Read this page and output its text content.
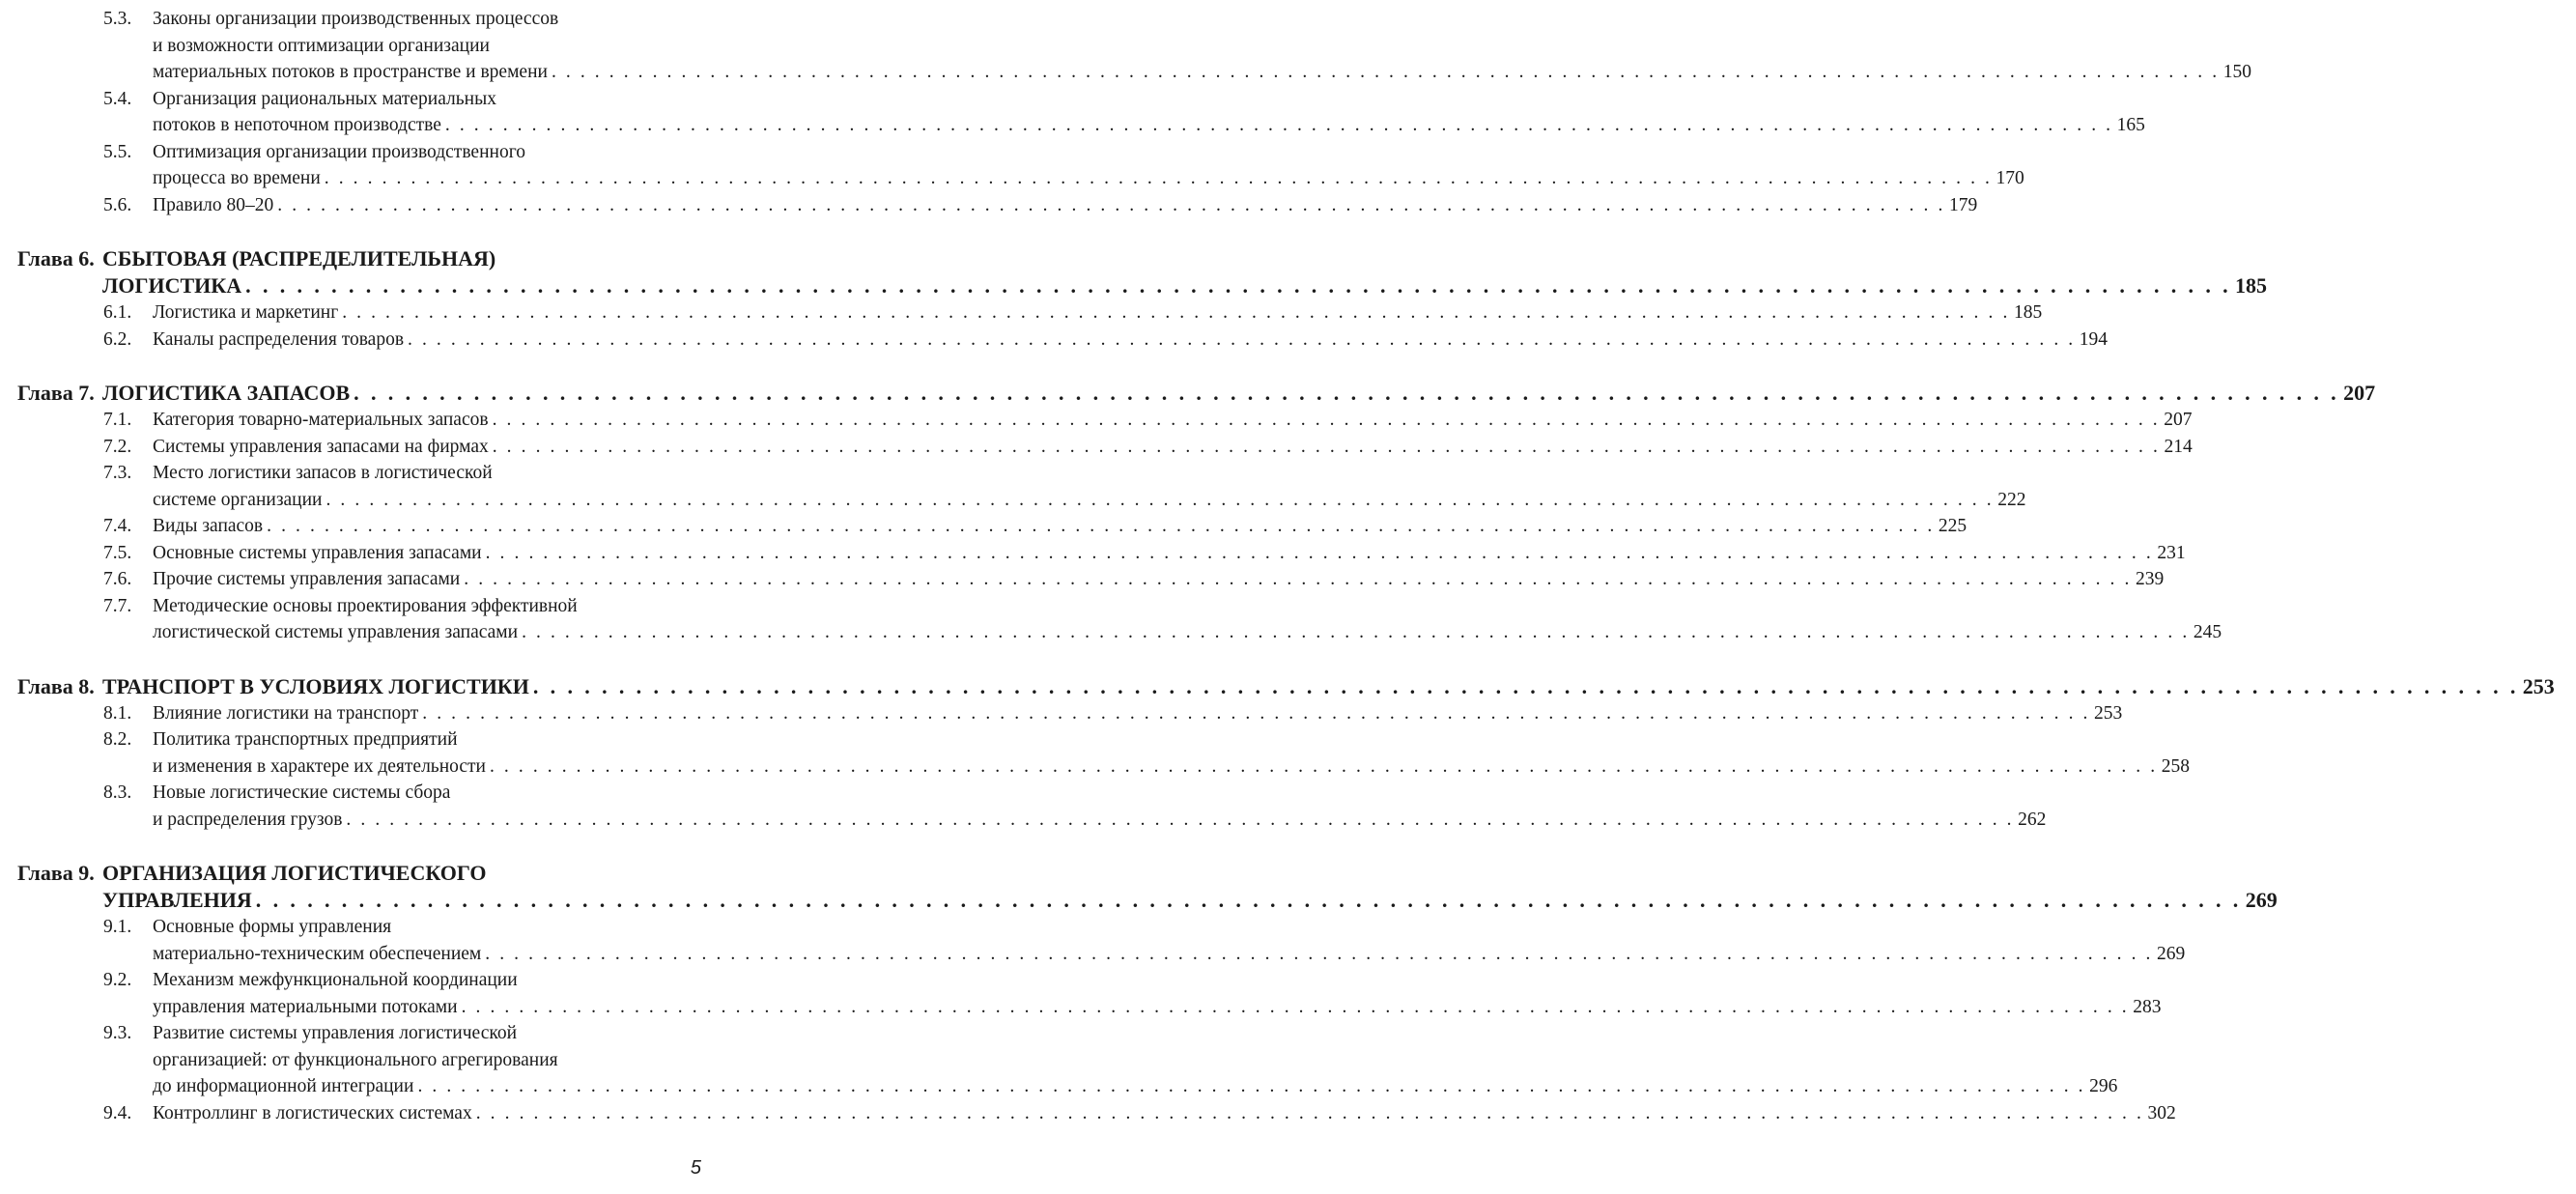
5.3.	Законы организации производственных процессов
и возможности оптимизации организации
материальных потоков в пространстве и времени . . .	150
5.4.	Организация рациональных материальных
потоков в непоточном производстве . . .	165
5.5.	Оптимизация организации производственного
процесса во времени . . .	170
5.6.	Правило 80–20 . . .	179
Глава 6. СБЫТОВАЯ (РАСПРЕДЕЛИТЕЛЬНАЯ)
ЛОГИСТИКА . . .	185
6.1.	Логистика и маркетинг . . .	185
6.2.	Каналы распределения товаров . . .	194
Глава 7. ЛОГИСТИКА ЗАПАСОВ . . .	207
7.1.	Категория товарно-материальных запасов . . .	207
7.2.	Системы управления запасами на фирмах . . .	214
7.3.	Место логистики запасов в логистической
системе организации . . .	222
7.4.	Виды запасов . . .	225
7.5.	Основные системы управления запасами . . .	231
7.6.	Прочие системы управления запасами . . .	239
7.7.	Методические основы проектирования эффективной
логистической системы управления запасами . . .	245
Глава 8. ТРАНСПОРТ В УСЛОВИЯХ ЛОГИСТИКИ . . .	253
8.1.	Влияние логистики на транспорт . . .	253
8.2.	Политика транспортных предприятий
и изменения в характере их деятельности . . .	258
8.3.	Новые логистические системы сбора
и распределения грузов . . .	262
Глава 9. ОРГАНИЗАЦИЯ ЛОГИСТИЧЕСКОГО
УПРАВЛЕНИЯ . . .	269
9.1.	Основные формы управления
материально-техническим обеспечением . . .	269
9.2.	Механизм межфункциональной координации
управления материальными потоками . . .	283
9.3.	Развитие системы управления логистической
организацией: от функционального агрегирования
до информационной интеграции . . .	296
9.4.	Контроллинг в логистических системах . . .	302
5
